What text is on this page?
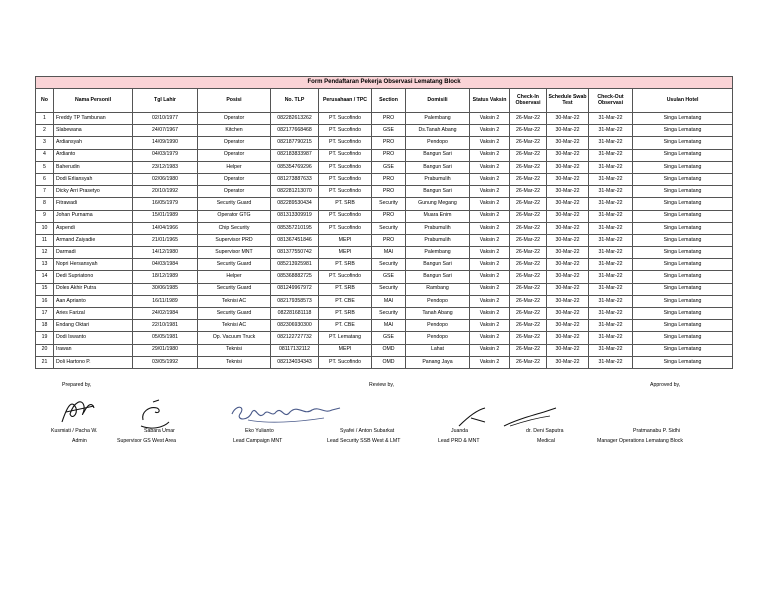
Form Pendaftaran Pekerja Observasi Lematang Block												
No	Nama Personil	Tgl Lahir	Posisi	No. TLP	Perusahaan / TPC	Section	Domisili	Status Vaksin	Check-In Observasi	Schedule Swab Test	Check-Out Observasi	Usulan Hotel
1	Freddy TP Tambunan	02/10/1977	Operator	082282613262	PT. Sucofindo	PRO	Palembang	Vaksin 2	26-Mar-22	30-Mar-22	31-Mar-22	Singa Lematang
2	Slabewana	24/07/1967	Kitchen	082177668468	PT. Sucofindo	GSE	Ds.Tanah Abang	Vaksin 2	26-Mar-22	30-Mar-22	31-Mar-22	Singa Lematang
3	Ardiansyah	14/09/1990	Operator	082187790215	PT. Sucofindo	PRO	Pendopo	Vaksin 2	26-Mar-22	30-Mar-22	31-Mar-22	Singa Lematang
4	Ardianto	04/03/1979	Operator	082183833987	PT. Sucofindo	PRO	Bangun Sari	Vaksin 2	26-Mar-22	30-Mar-22	31-Mar-22	Singa Lematang
5	Baherudin	23/12/1983	Helper	085354769296	PT. Sucofindo	GSE	Bangun Sari	Vaksin 2	26-Mar-22	30-Mar-22	31-Mar-22	Singa Lematang
6	Dodi Erliansyah	02/06/1980	Operator	081273887633	PT. Sucofindo	PRO	Prabumulih	Vaksin 2	26-Mar-22	30-Mar-22	31-Mar-22	Singa Lematang
7	Dicky Arri Prasetyo	20/10/1992	Operator	082281213070	PT. Sucofindo	PRO	Bangun Sari	Vaksin 2	26-Mar-22	30-Mar-22	31-Mar-22	Singa Lematang
8	Fitrawadi	16/05/1979	Security Guard	082289530434	PT. SRB	Security	Gunung Megang	Vaksin 2	26-Mar-22	30-Mar-22	31-Mar-22	Singa Lematang
9	Johan Purnama	15/01/1989	Operator GTG	081313309919	PT. Sucofindo	PRO	Muara Enim	Vaksin 2	26-Mar-22	30-Mar-22	31-Mar-22	Singa Lematang
10	Aspendi	14/04/1966	Chip Security	085357210195	PT. Sucofindo	Security	Prabumulih	Vaksin 2	26-Mar-22	30-Mar-22	31-Mar-22	Singa Lematang
11	Armand Zaiyadie	21/01/1965	Supervisor PRD	081367451846	MEPI	PRO	Prabumulih	Vaksin 2	26-Mar-22	30-Mar-22	31-Mar-22	Singa Lematang
12	Darmadi	14/12/1980	Supervisor MNT	081377550742	MEPI	MAI	Palembang	Vaksin 2	26-Mar-22	30-Mar-22	31-Mar-22	Singa Lematang
13	Nopri Hersansyah	04/03/1984	Security Guard	085213925981	PT. SRB	Security	Bangun Sari	Vaksin 2	26-Mar-22	30-Mar-22	31-Mar-22	Singa Lematang
14	Dedi Supriatono	18/12/1989	Helper	085368882725	PT. Sucofindo	GSE	Bangun Sari	Vaksin 2	26-Mar-22	30-Mar-22	31-Mar-22	Singa Lematang
15	Doles Akhir Putra	30/06/1985	Security Guard	081249967972	PT. SRB	Security	Rambang	Vaksin 2	26-Mar-22	30-Mar-22	31-Mar-22	Singa Lematang
16	Aan Aprianto	16/11/1989	Teknisi AC	082179358573	PT. CBE	MAI	Pendopo	Vaksin 2	26-Mar-22	30-Mar-22	31-Mar-22	Singa Lematang
17	Aries Farizal	24/02/1984	Security Guard	082281681118	PT. SRB	Security	Tanah Abang	Vaksin 2	26-Mar-22	30-Mar-22	31-Mar-22	Singa Lematang
18	Endang Oktari	22/10/1981	Teknisi AC	082306930300	PT. CBE	MAI	Pendopo	Vaksin 2	26-Mar-22	30-Mar-22	31-Mar-22	Singa Lematang
19	Dodi Iswanto	05/05/1981	Op. Vacuum Truck	082122727732	PT. Lematang	GSE	Pendopo	Vaksin 2	26-Mar-22	30-Mar-22	31-Mar-22	Singa Lematang
20	Irawan	29/01/1980	Teknisi	08117132112	MEPI	OMD	Lahat	Vaksin 2	26-Mar-22	30-Mar-22	31-Mar-22	Singa Lematang
21	Doli Hartono P.	03/05/1992	Teknisi	082134034343	PT. Sucofindo	OMD	Panang Jaya	Vaksin 2	26-Mar-22	30-Mar-22	31-Mar-22	Singa Lematang
Prepared by,	Review by,	Approved by,
Kusmiati / Pacha W.
Admin
Sabara Umar
Supervisor GS West Area
Eko Yulianto
Lead Campaign MNT
Syafei / Anton Subarkat
Lead Security SSB West & LMT
Juanda
Lead PRD & MNT
dr. Deni Saputra
Medical
Pratmanabu P. Sidhi
Manager Operations Lematang Block
